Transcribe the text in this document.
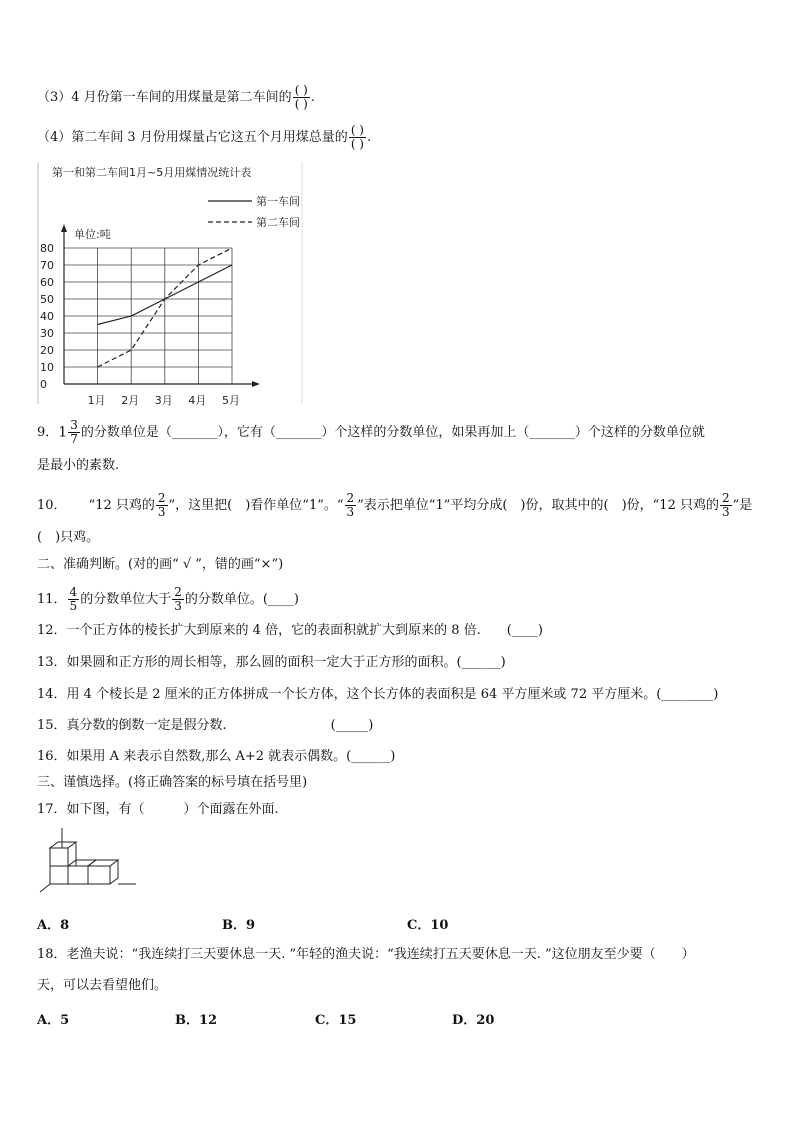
（3）4 月份第一车间的用煤量是第二车间的 $\frac{( )}{( )}$ .
（4）第二车间 3 月份用煤量占它这五个月用煤总量的 $\frac{( )}{( )}$ .
第一和第二车间1月~5月用煤情况统计表
第一车间
第二车间
单位:吨
0
10
20
30
40
50
60
70
80
1月 2月 3月 4月 5月
9．$1 \frac{3}{7}$ 的分数单位是（_______），它有（_______）个这样的分数单位，如果再加上（_______）个这样的分数单位就
是最小的素数.
10． “12 只鸡的 $\frac{2}{3}$ ”，这里把(　)看作单位“1”。“ $\frac{2}{3}$ ”表示把单位“1”平均分成(　)份，取其中的(　)份，“12 只鸡的 $\frac{2}{3}$ ”是
(　)只鸡。
二、准确判断。(对的画“ √ ”，错的画“×”)
11． $\frac{4}{5}$ 的分数单位大于 $\frac{2}{3}$ 的分数单位。(____)
12．一个正方体的棱长扩大到原来的 4 倍，它的表面积就扩大到原来的 8 倍.　　(____)
13．如果圆和正方形的周长相等，那么圆的面积一定大于正方形的面积。(______)
14．用 4 个棱长是 2 厘米的正方体拼成一个长方体，这个长方体的表面积是 64 平方厘米或 72 平方厘米。(________)
15．真分数的倒数一定是假分数.　　　　　　　　(_____)
16．如果用 A 来表示自然数,那么 A+2 就表示偶数。(______)
三、谨慎选择。(将正确答案的标号填在括号里)
17．如下图，有（　　　）个面露在外面.
A．8	B．9	C．10
18．老渔夫说：“我连续打三天要休息一天. ”年轻的渔夫说：“我连续打五天要休息一天. ”这位朋友至少要（　　）
天，可以去看望他们。
A．5	B．12	C．15	D．20
